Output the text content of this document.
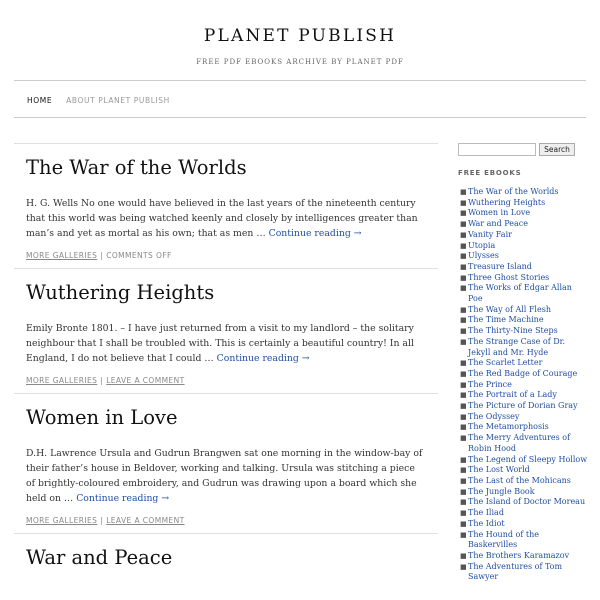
PLANET PUBLISH
FREE PDF EBOOKS ARCHIVE BY PLANET PDF
HOME ABOUT PLANET PUBLISH
The War of the Worlds

H. G. Wells No one would have believed in the last years of the nineteenth century that this world was being watched keenly and closely by intelligences greater than man’s and yet as mortal as his own; that as men … Continue reading →

MORE GALLERIES | COMMENTS OFF
Wuthering Heights

Emily Bronte 1801. – I have just returned from a visit to my landlord – the solitary neighbour that I shall be troubled with. This is certainly a beautiful country! In all England, I do not believe that I could … Continue reading →

MORE GALLERIES | LEAVE A COMMENT
Women in Love

D.H. Lawrence Ursula and Gudrun Brangwen sat one morning in the window-bay of their father’s house in Beldover, working and talking. Ursula was stitching a piece of brightly-coloured embroidery, and Gudrun was drawing upon a board which she held on … Continue reading →

MORE GALLERIES | LEAVE A COMMENT
War and Peace
Search
FREE EBOOKS
■ The War of the Worlds
■ Wuthering Heights
■ Women in Love
■ War and Peace
■ Vanity Fair
■ Utopia
■ Ulysses
■ Treasure Island
■ Three Ghost Stories
■ The Works of Edgar Allan Poe
■ The Way of All Flesh
■ The Time Machine
■ The Thirty-Nine Steps
■ The Strange Case of Dr. Jekyll and Mr. Hyde
■ The Scarlet Letter
■ The Red Badge of Courage
■ The Prince
■ The Portrait of a Lady
■ The Picture of Dorian Gray
■ The Odyssey
■ The Metamorphosis
■ The Merry Adventures of Robin Hood
■ The Legend of Sleepy Hollow
■ The Lost World
■ The Last of the Mohicans
■ The Jungle Book
■ The Island of Doctor Moreau
■ The Iliad
■ The Idiot
■ The Hound of the Baskervilles
■ The Brothers Karamazov
■ The Adventures of Tom Sawyer
